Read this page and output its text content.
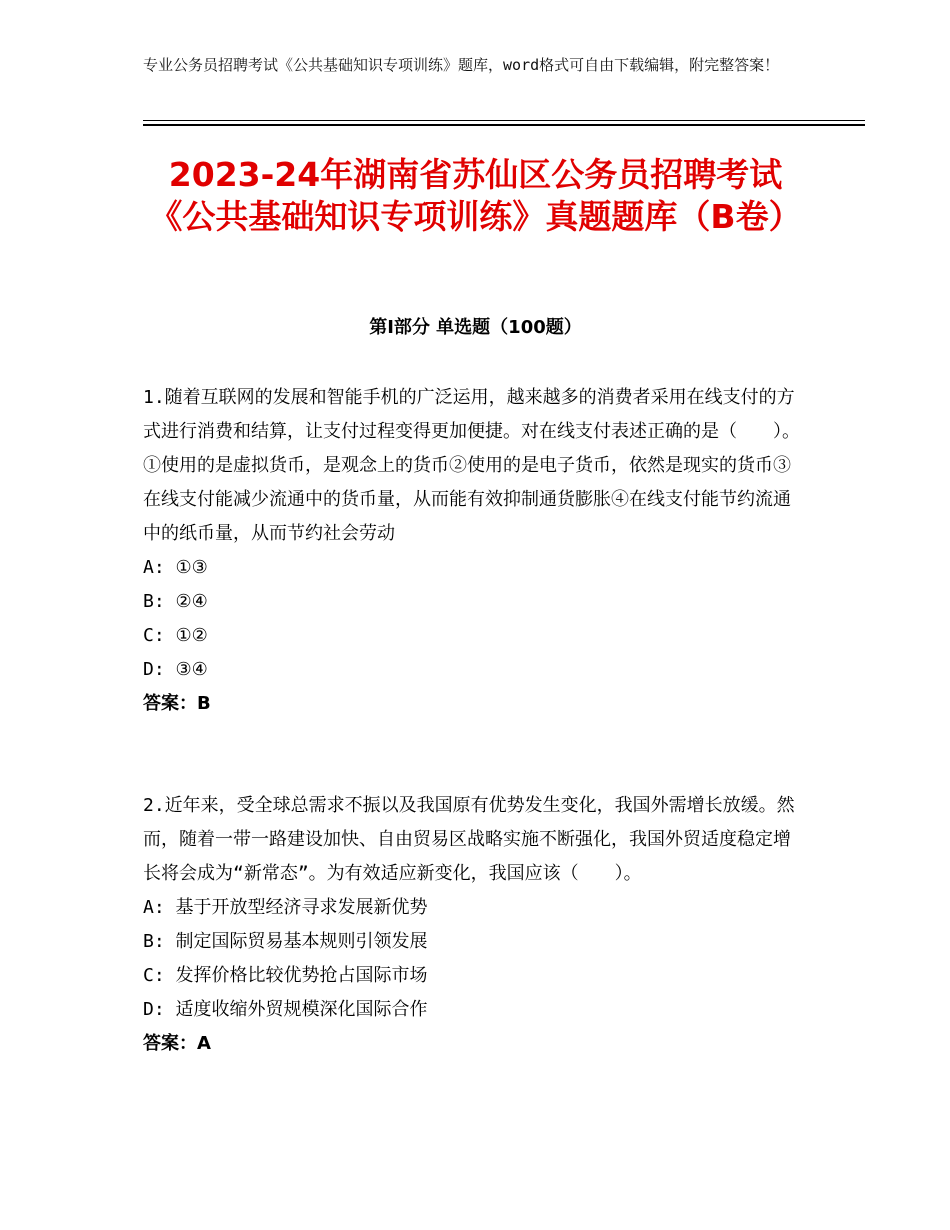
专业公务员招聘考试《公共基础知识专项训练》题库，word格式可自由下载编辑，附完整答案！
2023-24年湖南省苏仙区公务员招聘考试《公共基础知识专项训练》真题题库（B卷）
第Ⅰ部分 单选题（100题）
1.随着互联网的发展和智能手机的广泛运用，越来越多的消费者采用在线支付的方式进行消费和结算，让支付过程变得更加便捷。对在线支付表述正确的是（　　）。①使用的是虚拟货币，是观念上的货币②使用的是电子货币，依然是现实的货币③在线支付能减少流通中的货币量，从而能有效抑制通货膨胀④在线支付能节约流通中的纸币量，从而节约社会劳动
A: ①③
B: ②④
C: ①②
D: ③④
答案：B
2.近年来，受全球总需求不振以及我国原有优势发生变化，我国外需增长放缓。然而，随着一带一路建设加快、自由贸易区战略实施不断强化，我国外贸适度稳定增长将会成为“新常态”。为有效适应新变化，我国应该（　　）。
A: 基于开放型经济寻求发展新优势
B: 制定国际贸易基本规则引领发展
C: 发挥价格比较优势抢占国际市场
D: 适度收缩外贸规模深化国际合作
答案：A
